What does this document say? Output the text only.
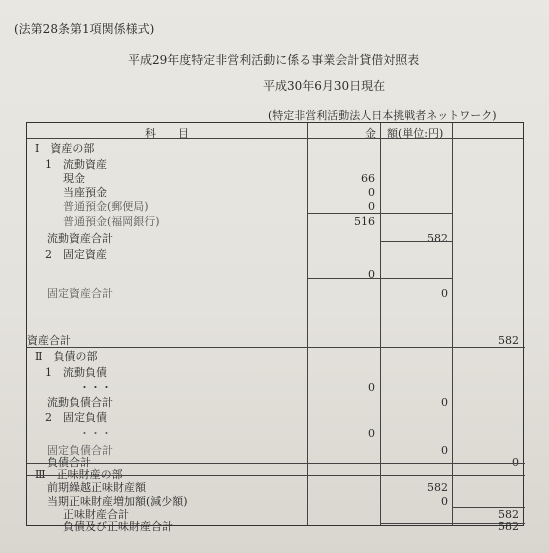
(法第28条第1項関係様式)
平成29年度特定非営利活動に係る事業会計貸借対照表
平成30年6月30日現在
(特定非営利活動法人日本挑戦者ネットワーク)
科　　目	金　額(単位:円)
Ⅰ　資産の部
1　流動資産
現金	66
当座預金	0
普通預金(郵便局)	0
普通預金(福岡銀行)	516
流動資産合計	582
2　固定資産
0
固定資産合計	0
資産合計	582
Ⅱ　負債の部
1　流動負債
・・・	0
流動負債合計	0
2　固定負債
・・・	0
固定負債合計	0
負債合計	0
Ⅲ　正味財産の部
前期繰越正味財産額	582
当期正味財産増加額(減少額)	0
正味財産合計	582
負債及び正味財産合計	582
